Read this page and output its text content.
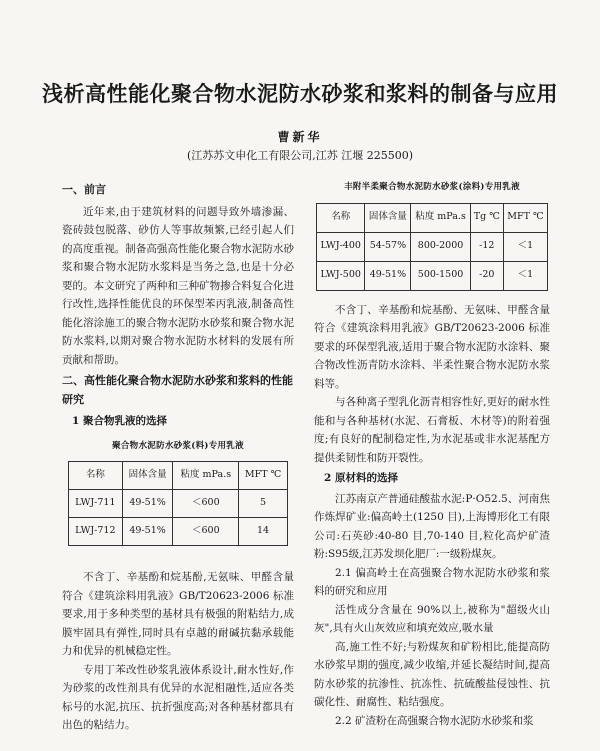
浅析高性能化聚合物水泥防水砂浆和浆料的制备与应用
曹新华
(江苏苏文申化工有限公司,江苏 江堰 225500)
一、前言

近年来,由于建筑材料的问题导致外墙渗漏、瓷砖鼓包脱落、砂仿人等事故频繁,已经引起人们的高度重视。制备高强高性能化聚合物水泥防水砂浆和聚合物水泥防水浆料是当务之急,也是十分必要的。本文研究了两种和三种矿物掺合料复合化进行改性,选择性能优良的环保型苯丙乳液,制备高性能化溶涂施工的聚合物水泥防水砂浆和聚合物水泥防水浆料,以期对聚合物水泥防水材料的发展有所贡献和帮助。

二、高性能化聚合物水泥防水砂浆和浆料的性能研究
1 聚合物乳液的选择
聚合物水泥防水砂浆(料)专用乳液
名称	固体含量	粘度 mPa.s	MFT ℃
LWJ-711	49-51%	＜600	5
LWJ-712	49-51%	＜600	14

不含丁、辛基酚和烷基酚,无氨味、甲醛含量符合《建筑涂料用乳液》GB/T20623-2006 标准要求,用于多种类型的基材具有极强的附粘结力,成膜牢固具有弹性,同时具有卓越的耐碱抗黏承载能力和优异的机械稳定性。

专用丁苯改性砂浆乳液体系设计,耐水性好,作为砂浆的改性剂具有优异的水泥相融性,适应各类标号的水泥,抗压、抗折强度高;对各种基材都具有出色的粘结力。

丰附半柔聚合物水泥防水砂浆(涂料)专用乳液
名称	固体含量	粘度 mPa.s	Tg ℃	MFT ℃
LWJ-400	54-57%	800-2000	-12	＜1
LWJ-500	49-51%	500-1500	-20	＜1

不含丁、辛基酚和烷基酚、无氨味、甲醛含量符合《建筑涂料用乳液》GB/T20623-2006 标准要求的环保型乳液,适用于聚合物水泥防水涂料、聚合物改性沥青防水涂料、半柔性聚合物水泥防水浆料等。

与各种离子型乳化沥青相容性好,更好的耐水性能和与各种基材(水泥、石膏板、木材等)的附着强度;有良好的配制稳定性,为水泥基或非水泥基配方提供柔韧性和防开裂性。

2 原材料的选择

江苏南京产普通硅酸盐水泥:P·O52.5、河南焦作炼焊矿业:偏高岭土(1250 目),上海博形化工有限公司:石英砂:40-80 目,70-140 目,粒化高炉矿渣粉:S95级,江苏发坝化肥厂:一级粉煤灰。

2.1 偏高岭土在高强聚合物水泥防水砂浆和浆料的研究和应用

活性成分含量在 90%以上,被称为"超级火山灰",具有火山灰效应和填充效应,吸水量

高,施工性不好;与粉煤灰和矿粉相比,能提高防水砂浆早期的强度,减少收缩,并延长凝结时间,提高防水砂浆的抗渗性、抗冻性、抗硫酸盐侵蚀性、抗碳化性、耐腐性、粘结强度。

2.2 矿渣粉在高强聚合物水泥防水砂浆和浆
